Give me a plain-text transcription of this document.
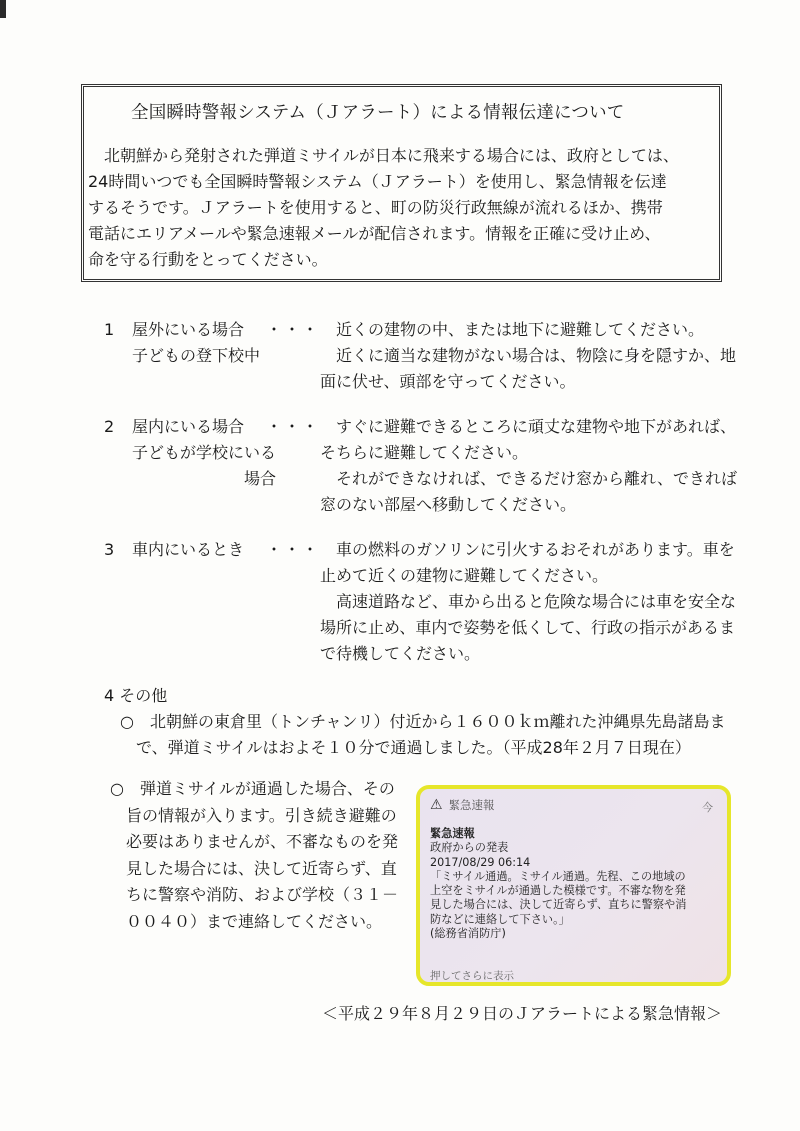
全国瞬時警報システム（Ｊアラート）による情報伝達について
　北朝鮮から発射された弾道ミサイルが日本に飛来する場合には、政府としては、
24時間いつでも全国瞬時警報システム（Ｊアラート）を使用し、緊急情報を伝達
するそうです。Ｊアラートを使用すると、町の防災行政無線が流れるほか、携帯
電話にエリアメールや緊急速報メールが配信されます。情報を正確に受け止め、
命を守る行動をとってください。
1 屋外にいる場合
子どもの登下校中
・・・ 　近くの建物の中、または地下に避難してください。
　近くに適当な建物がない場合は、物陰に身を隠すか、地
面に伏せ、頭部を守ってください。
2 屋内にいる場合
子どもが学校にいる
場合
・・・ 　すぐに避難できるところに頑丈な建物や地下があれば、
そちらに避難してください。
　それができなければ、できるだけ窓から離れ、できれば
窓のない部屋へ移動してください。
3 車内にいるとき ・・・ 　車の燃料のガソリンに引火するおそれがあります。車を
止めて近くの建物に避難してください。
　高速道路など、車から出ると危険な場合には車を安全な
場所に止め、車内で姿勢を低くして、行政の指示があるま
で待機してください。
4 その他
　○　北朝鮮の東倉里（トンチャンリ）付近から１６００ｋｍ離れた沖縄県先島諸島ま
　　で、弾道ミサイルはおよそ１０分で通過しました。（平成28年２月７日現在）
○　弾道ミサイルが通過した場合、その
　旨の情報が入ります。引き続き避難の
　必要はありませんが、不審なものを発
　見した場合には、決して近寄らず、直
　ちに警察や消防、および学校（３１－
　００４０）まで連絡してください。
⚠ 緊急速報	今
緊急速報
政府からの発表
2017/08/29 06:14
「ミサイル通過。ミサイル通過。先程、この地域の
上空をミサイルが通過した模様です。不審な物を発
見した場合には、決して近寄らず、直ちに警察や消
防などに連絡して下さい。」
(総務省消防庁)
押してさらに表示
＜平成２９年８月２９日のＪアラートによる緊急情報＞
